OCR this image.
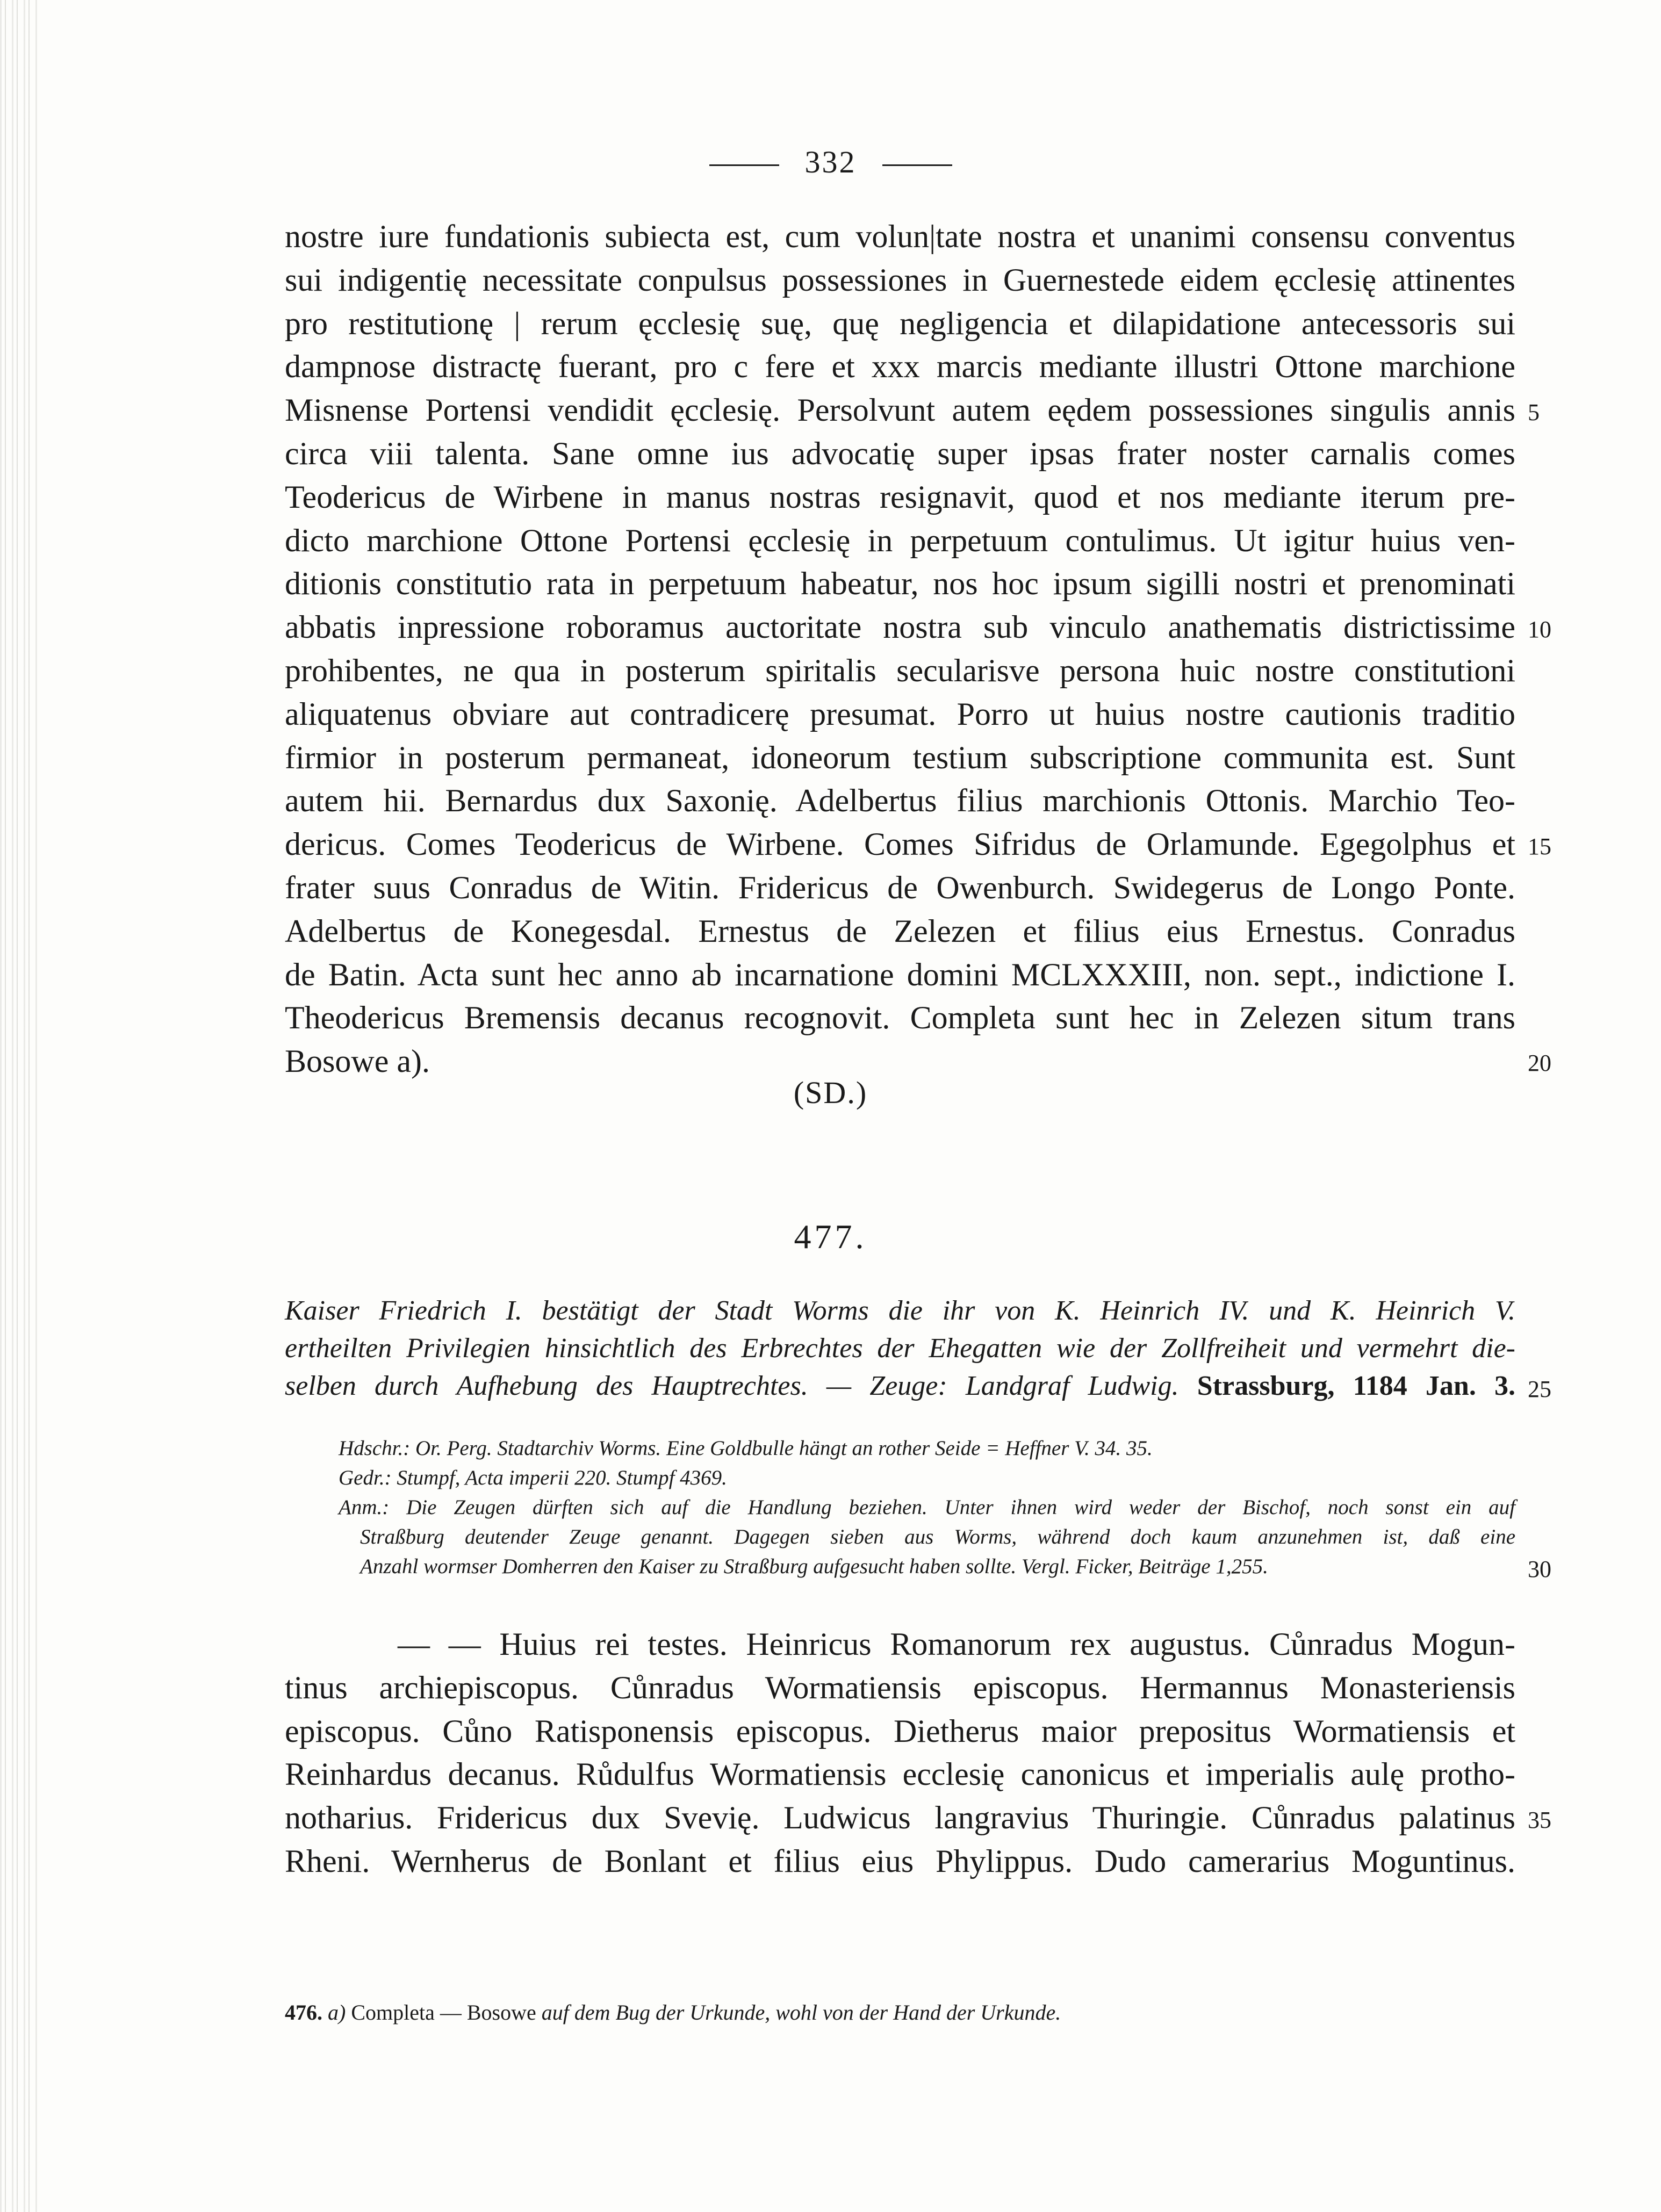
332
nostre iure fundationis subiecta est, cum volun|tate nostra et unanimi consensu conventus
sui indigentię necessitate conpulsus possessiones in Guernestede eidem ęcclesię attinentes
pro restitutionę | rerum ęcclesię suę, quę negligencia et dilapidatione antecessoris sui
dampnose distractę fuerant, pro c fere et xxx marcis mediante illustri Ottone marchione
Misnense Portensi vendidit ęcclesię. Persolvunt autem eędem possessiones singulis annis
circa viii talenta. Sane omne ius advocatię super ipsas frater noster carnalis comes
Teodericus de Wirbene in manus nostras resignavit, quod et nos mediante iterum pre-
dicto marchione Ottone Portensi ęcclesię in perpetuum contulimus. Ut igitur huius ven-
ditionis constitutio rata in perpetuum habeatur, nos hoc ipsum sigilli nostri et prenominati
abbatis inpressione roboramus auctoritate nostra sub vinculo anathematis districtissime
prohibentes, ne qua in posterum spiritalis secularisve persona huic nostre constitutioni
aliquatenus obviare aut contradicerę presumat. Porro ut huius nostre cautionis traditio
firmior in posterum permaneat, idoneorum testium subscriptione communita est. Sunt
autem hii. Bernardus dux Saxonię. Adelbertus filius marchionis Ottonis. Marchio Teo-
dericus. Comes Teodericus de Wirbene. Comes Sifridus de Orlamunde. Egegolphus et
frater suus Conradus de Witin. Fridericus de Owenburch. Swidegerus de Longo Ponte.
Adelbertus de Konegesdal. Ernestus de Zelezen et filius eius Ernestus. Conradus
de Batin. Acta sunt hec anno ab incarnatione domini MCLXXXIII, non. sept., indictione I.
Theodericus Bremensis decanus recognovit. Completa sunt hec in Zelezen situm trans
Bosowe a).
5
10
15
20
(SD.)
477.
Kaiser Friedrich I. bestätigt der Stadt Worms die ihr von K. Heinrich IV. und K. Heinrich V.
ertheilten Privilegien hinsichtlich des Erbrechtes der Ehegatten wie der Zollfreiheit und vermehrt die-
selben durch Aufhebung des Hauptrechtes. — Zeuge: Landgraf Ludwig. Strassburg, 1184 Jan. 3. 25
Hdschr.: Or. Perg. Stadtarchiv Worms. Eine Goldbulle hängt an rother Seide = Heffner V. 34. 35.
Gedr.: Stumpf, Acta imperii 220. Stumpf 4369.
Anm.: Die Zeugen dürften sich auf die Handlung beziehen. Unter ihnen wird weder der Bischof, noch sonst ein auf
Straßburg deutender Zeuge genannt. Dagegen sieben aus Worms, während doch kaum anzunehmen ist, daß eine
Anzahl wormser Domherren den Kaiser zu Straßburg aufgesucht haben sollte. Vergl. Ficker, Beiträge 1,255.	30
— — Huius rei testes. Heinricus Romanorum rex augustus. Cůnradus Mogun-
tinus archiepiscopus. Cůnradus Wormatiensis episcopus. Hermannus Monasteriensis
episcopus. Cůno Ratisponensis episcopus. Dietherus maior prepositus Wormatiensis et
Reinhardus decanus. Růdulfus Wormatiensis ecclesię canonicus et imperialis aulę protho-
notharius. Fridericus dux Svevię. Ludwicus langravius Thuringie. Cůnradus palatinus
Rheni. Wernherus de Bonlant et filius eius Phylippus. Dudo camerarius Moguntinus.
35
476. a) Completa — Bosowe auf dem Bug der Urkunde, wohl von der Hand der Urkunde.
